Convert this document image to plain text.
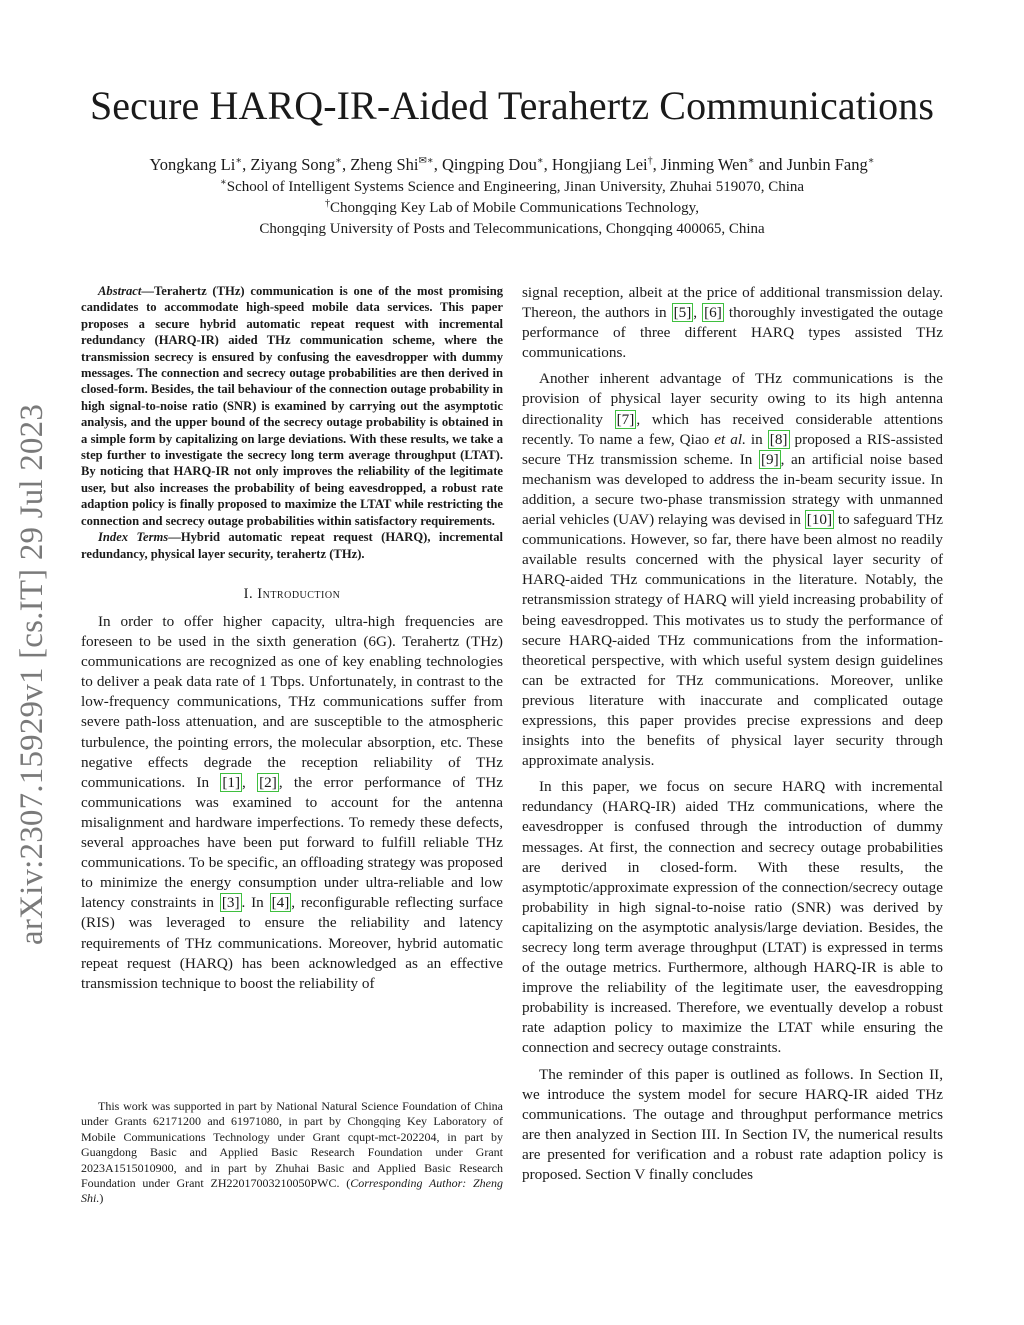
arXiv:2307.15929v1 [cs.IT] 29 Jul 2023
Secure HARQ-IR-Aided Terahertz Communications
Yongkang Li∗, Ziyang Song∗, Zheng Shi✉∗, Qingping Dou∗, Hongjiang Lei†, Jinming Wen∗ and Junbin Fang∗
∗School of Intelligent Systems Science and Engineering, Jinan University, Zhuhai 519070, China
†Chongqing Key Lab of Mobile Communications Technology,
Chongqing University of Posts and Telecommunications, Chongqing 400065, China

Abstract—Terahertz (THz) communication is one of the most promising candidates to accommodate high-speed mobile data services. This paper proposes a secure hybrid automatic repeat request with incremental redundancy (HARQ-IR) aided THz communication scheme, where the transmission secrecy is ensured by confusing the eavesdropper with dummy messages. The connection and secrecy outage probabilities are then derived in closed-form. Besides, the tail behaviour of the connection outage probability in high signal-to-noise ratio (SNR) is examined by carrying out the asymptotic analysis, and the upper bound of the secrecy outage probability is obtained in a simple form by capitalizing on large deviations. With these results, we take a step further to investigate the secrecy long term average throughput (LTAT). By noticing that HARQ-IR not only improves the reliability of the legitimate user, but also increases the probability of being eavesdropped, a robust rate adaption policy is finally proposed to maximize the LTAT while restricting the connection and secrecy outage probabilities within satisfactory requirements.

Index Terms—Hybrid automatic repeat request (HARQ), incremental redundancy, physical layer security, terahertz (THz).

I. Introduction

In order to offer higher capacity, ultra-high frequencies are foreseen to be used in the sixth generation (6G). Terahertz (THz) communications are recognized as one of key enabling technologies to deliver a peak data rate of 1 Tbps. Unfortunately, in contrast to the low-frequency communications, THz communications suffer from severe path-loss attenuation, and are susceptible to the atmospheric turbulence, the pointing errors, the molecular absorption, etc. These negative effects degrade the reception reliability of THz communications. In [1] , [2] , the error performance of THz communications was examined to account for the antenna misalignment and hardware imperfections. To remedy these defects, several approaches have been put forward to fulfill reliable THz communications. To be specific, an offloading strategy was proposed to minimize the energy consumption under ultra-reliable and low latency constraints in [3] . In [4] , reconfigurable reflecting surface (RIS) was leveraged to ensure the reliability and latency requirements of THz communications. Moreover, hybrid automatic repeat request (HARQ) has been acknowledged as an effective transmission technique to boost the reliability of

This work was supported in part by National Natural Science Foundation of China under Grants 62171200 and 61971080, in part by Chongqing Key Laboratory of Mobile Communications Technology under Grant cqupt-mct-202204, in part by Guangdong Basic and Applied Basic Research Foundation under Grant 2023A1515010900, and in part by Zhuhai Basic and Applied Basic Research Foundation under Grant ZH22017003210050PWC. (Corresponding Author: Zheng Shi.)

signal reception, albeit at the price of additional transmission delay. Thereon, the authors in [5] , [6] thoroughly investigated the outage performance of three different HARQ types assisted THz communications.

Another inherent advantage of THz communications is the provision of physical layer security owing to its high antenna directionality [7] , which has received considerable attentions recently. To name a few, Qiao et al. in [8] proposed a RIS-assisted secure THz transmission scheme. In [9] , an artificial noise based mechanism was developed to address the in-beam security issue. In addition, a secure two-phase transmission strategy with unmanned aerial vehicles (UAV) relaying was devised in [10] to safeguard THz communications. However, so far, there have been almost no readily available results concerned with the physical layer security of HARQ-aided THz communications in the literature. Notably, the retransmission strategy of HARQ will yield increasing probability of being eavesdropped. This motivates us to study the performance of secure HARQ-aided THz communications from the information-theoretical perspective, with which useful system design guidelines can be extracted for THz communications. Moreover, unlike previous literature with inaccurate and complicated outage expressions, this paper provides precise expressions and deep insights into the benefits of physical layer security through approximate analysis.

In this paper, we focus on secure HARQ with incremental redundancy (HARQ-IR) aided THz communications, where the eavesdropper is confused through the introduction of dummy messages. At first, the connection and secrecy outage probabilities are derived in closed-form. With these results, the asymptotic/approximate expression of the connection/secrecy outage probability in high signal-to-noise ratio (SNR) was derived by capitalizing on the asymptotic analysis/large deviation. Besides, the secrecy long term average throughput (LTAT) is expressed in terms of the outage metrics. Furthermore, although HARQ-IR is able to improve the reliability of the legitimate user, the eavesdropping probability is increased. Therefore, we eventually develop a robust rate adaption policy to maximize the LTAT while ensuring the connection and secrecy outage constraints.

The reminder of this paper is outlined as follows. In Section II, we introduce the system model for secure HARQ-IR aided THz communications. The outage and throughput performance metrics are then analyzed in Section III. In Section IV, the numerical results are presented for verification and a robust rate adaption policy is proposed. Section V finally concludes
